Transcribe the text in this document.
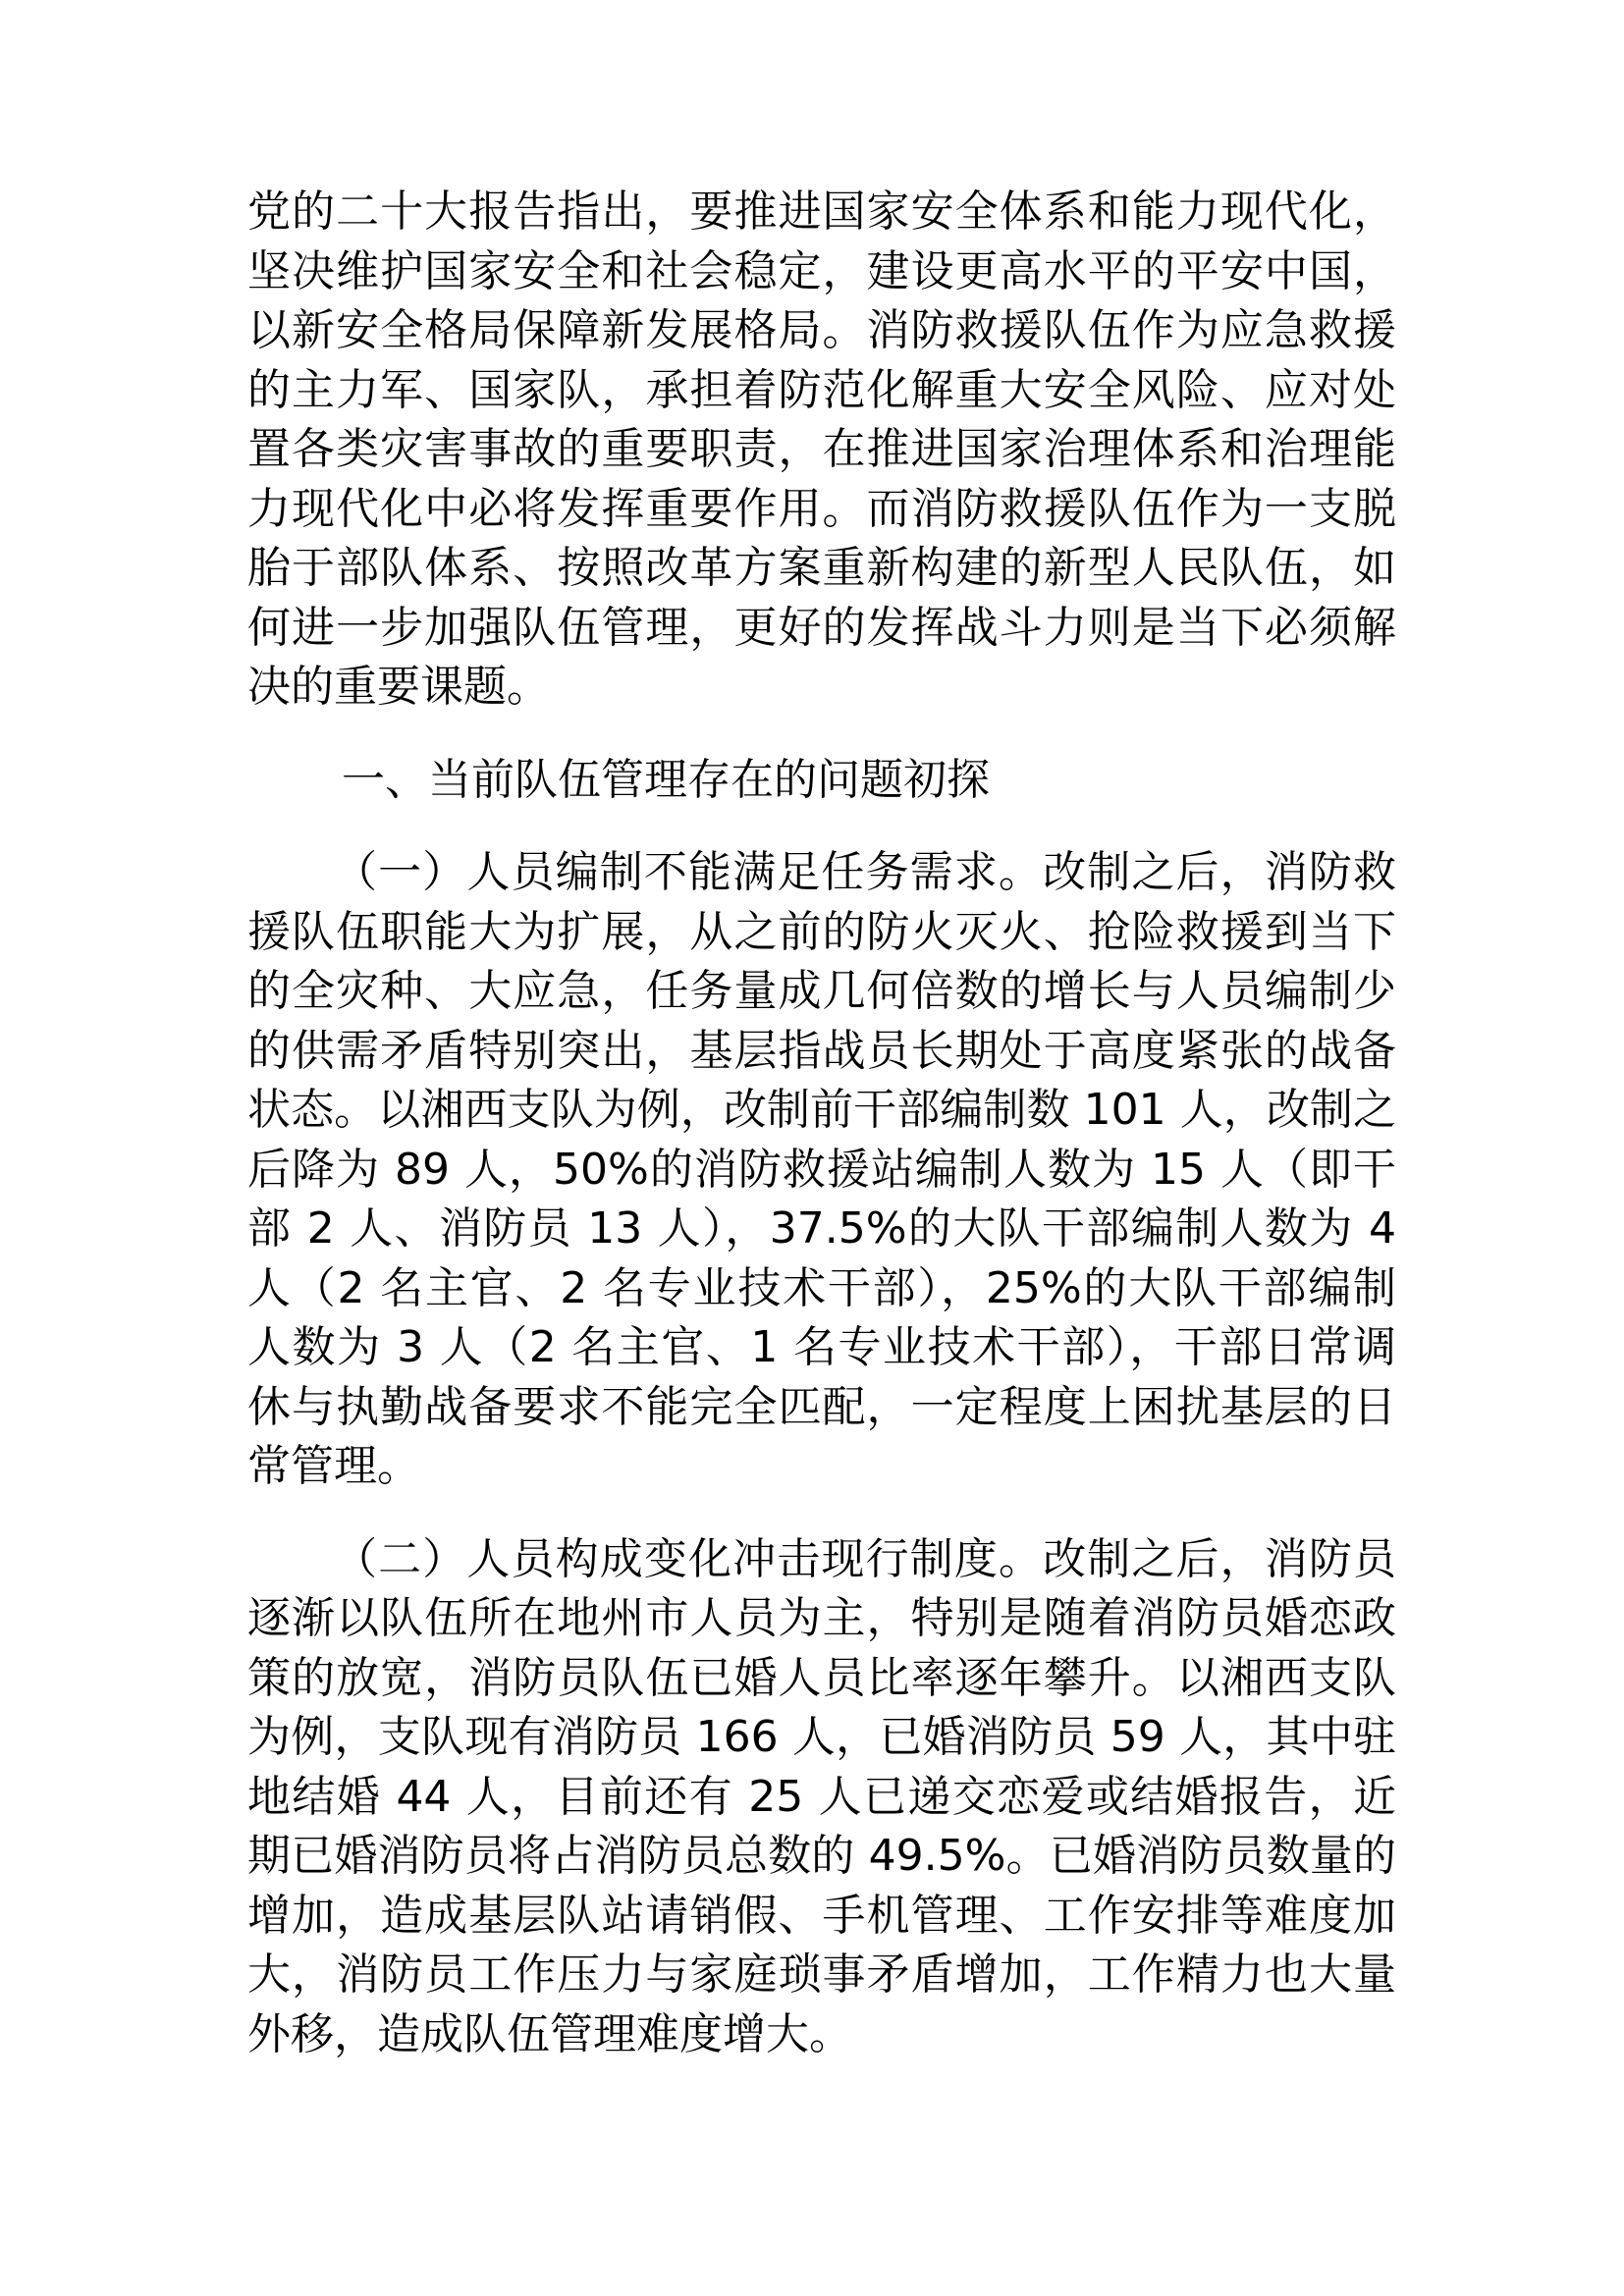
党的二十大报告指出，要推进国家安全体系和能力现代化，坚决维护国家安全和社会稳定，建设更高水平的平安中国，以新安全格局保障新发展格局。消防救援队伍作为应急救援的主力军、国家队，承担着防范化解重大安全风险、应对处置各类灾害事故的重要职责，在推进国家治理体系和治理能力现代化中必将发挥重要作用。而消防救援队伍作为一支脱胎于部队体系、按照改革方案重新构建的新型人民队伍，如何进一步加强队伍管理，更好的发挥战斗力则是当下必须解决的重要课题。

一、当前队伍管理存在的问题初探

（一）人员编制不能满足任务需求。改制之后，消防救援队伍职能大为扩展，从之前的防火灭火、抢险救援到当下的全灾种、大应急，任务量成几何倍数的增长与人员编制少的供需矛盾特别突出，基层指战员长期处于高度紧张的战备状态。以湘西支队为例，改制前干部编制数 101 人，改制之后降为 89 人，50%的消防救援站编制人数为 15 人（即干部 2 人、消防员 13 人），37.5%的大队干部编制人数为 4 人（2 名主官、2 名专业技术干部），25%的大队干部编制人数为 3 人（2 名主官、1 名专业技术干部），干部日常调休与执勤战备要求不能完全匹配，一定程度上困扰基层的日常管理。

（二）人员构成变化冲击现行制度。改制之后，消防员逐渐以队伍所在地州市人员为主，特别是随着消防员婚恋政策的放宽，消防员队伍已婚人员比率逐年攀升。以湘西支队为例，支队现有消防员 166 人，已婚消防员 59 人，其中驻地结婚 44 人，目前还有 25 人已递交恋爱或结婚报告，近期已婚消防员将占消防员总数的 49.5%。已婚消防员数量的增加，造成基层队站请销假、手机管理、工作安排等难度加大，消防员工作压力与家庭琐事矛盾增加，工作精力也大量外移，造成队伍管理难度增大。
